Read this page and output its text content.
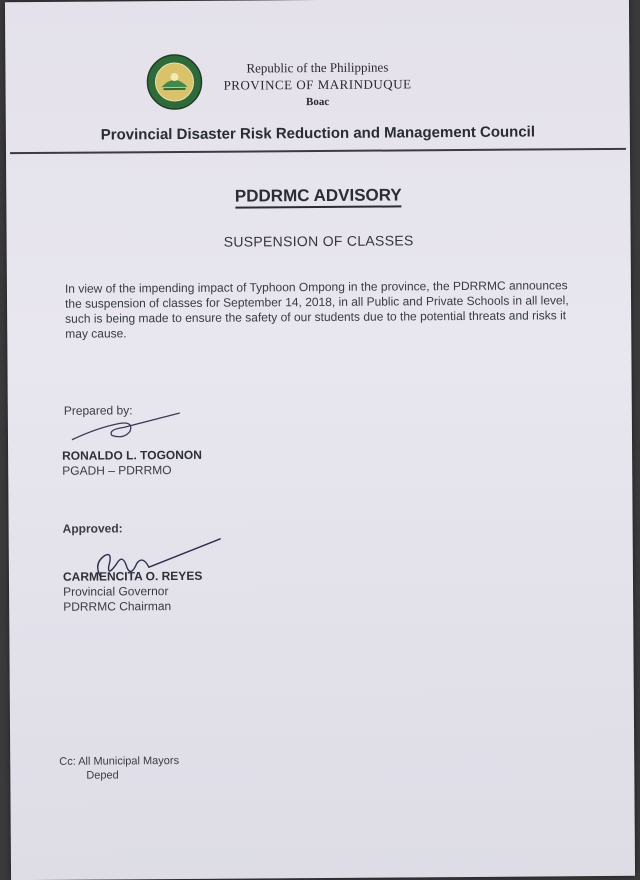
Republic of the Philippines
PROVINCE OF MARINDUQUE
Boac
Provincial Disaster Risk Reduction and Management Council
PDDRMC ADVISORY
SUSPENSION OF CLASSES

In view of the impending impact of Typhoon Ompong in the province, the PDRRMC announces the suspension of classes for September 14, 2018, in all Public and Private Schools in all level, such is being made to ensure the safety of our students due to the potential threats and risks it may cause.

Prepared by:
RONALDO L. TOGONON
PGADH – PDRRMO
Approved:
CARMENCITA O. REYES
Provincial Governor
PDRRMC Chairman
Cc: All Municipal Mayors
Deped
